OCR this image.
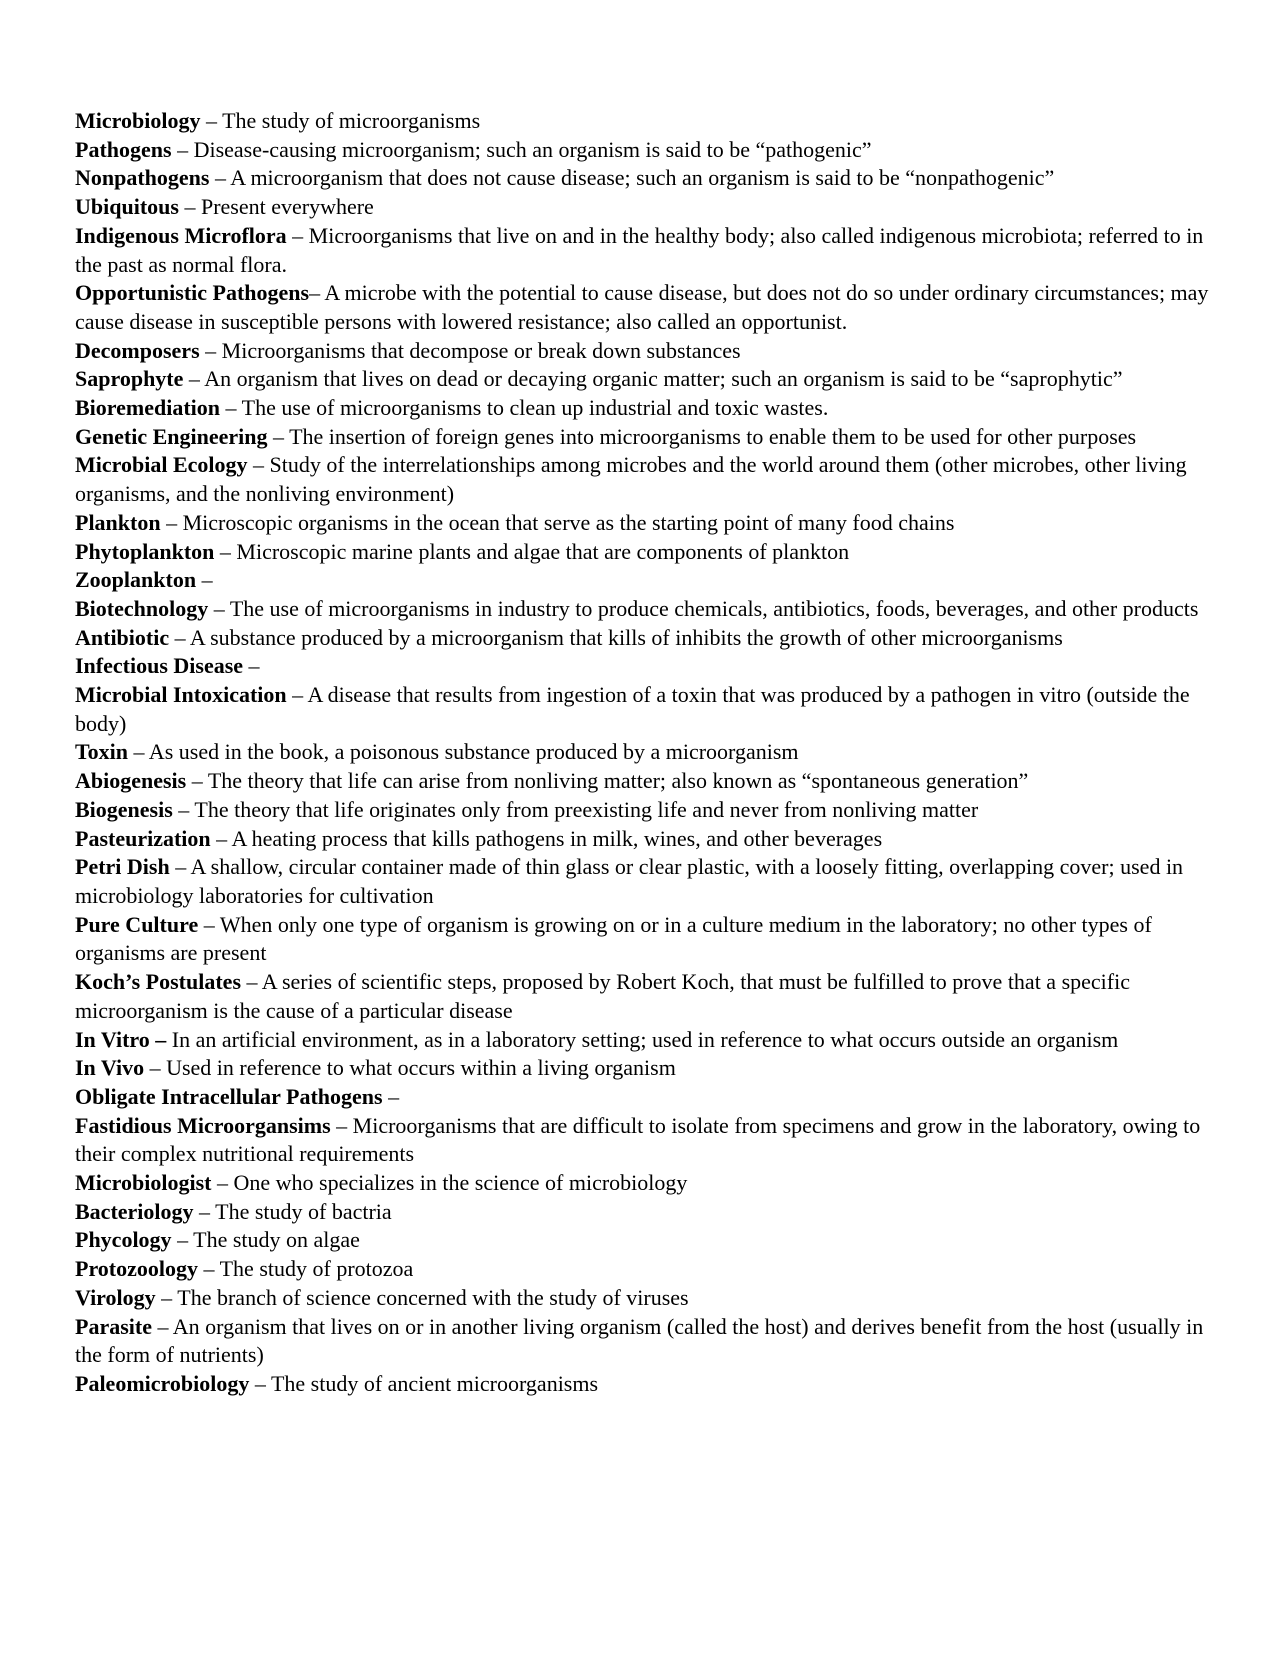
Microbiology – The study of microorganisms

Pathogens – Disease-causing microorganism; such an organism is said to be “pathogenic”

Nonpathogens – A microorganism that does not cause disease; such an organism is said to be “nonpathogenic”

Ubiquitous – Present everywhere

Indigenous Microflora – Microorganisms that live on and in the healthy body; also called indigenous microbiota; referred to in the past as normal flora.

Opportunistic Pathogens– A microbe with the potential to cause disease, but does not do so under ordinary circumstances; may cause disease in susceptible persons with lowered resistance; also called an opportunist.

Decomposers – Microorganisms that decompose or break down substances

Saprophyte – An organism that lives on dead or decaying organic matter; such an organism is said to be “saprophytic”

Bioremediation – The use of microorganisms to clean up industrial and toxic wastes.

Genetic Engineering – The insertion of foreign genes into microorganisms to enable them to be used for other purposes

Microbial Ecology – Study of the interrelationships among microbes and the world around them (other microbes, other living organisms, and the nonliving environment)

Plankton – Microscopic organisms in the ocean that serve as the starting point of many food chains

Phytoplankton – Microscopic marine plants and algae that are components of plankton

Zooplankton –

Biotechnology – The use of microorganisms in industry to produce chemicals, antibiotics, foods, beverages, and other products

Antibiotic – A substance produced by a microorganism that kills of inhibits the growth of other microorganisms

Infectious Disease –

Microbial Intoxication – A disease that results from ingestion of a toxin that was produced by a pathogen in vitro (outside the body)

Toxin – As used in the book, a poisonous substance produced by a microorganism

Abiogenesis – The theory that life can arise from nonliving matter; also known as “spontaneous generation”

Biogenesis – The theory that life originates only from preexisting life and never from nonliving matter

Pasteurization – A heating process that kills pathogens in milk, wines, and other beverages

Petri Dish – A shallow, circular container made of thin glass or clear plastic, with a loosely fitting, overlapping cover; used in microbiology laboratories for cultivation

Pure Culture – When only one type of organism is growing on or in a culture medium in the laboratory; no other types of organisms are present

Koch’s Postulates – A series of scientific steps, proposed by Robert Koch, that must be fulfilled to prove that a specific microorganism is the cause of a particular disease

In Vitro – In an artificial environment, as in a laboratory setting; used in reference to what occurs outside an organism

In Vivo – Used in reference to what occurs within a living organism

Obligate Intracellular Pathogens –

Fastidious Microorgansims – Microorganisms that are difficult to isolate from specimens and grow in the laboratory, owing to their complex nutritional requirements

Microbiologist – One who specializes in the science of microbiology

Bacteriology – The study of bactria

Phycology – The study on algae

Protozoology – The study of protozoa

Virology – The branch of science concerned with the study of viruses

Parasite – An organism that lives on or in another living organism (called the host) and derives benefit from the host (usually in the form of nutrients)

Paleomicrobiology – The study of ancient microorganisms
